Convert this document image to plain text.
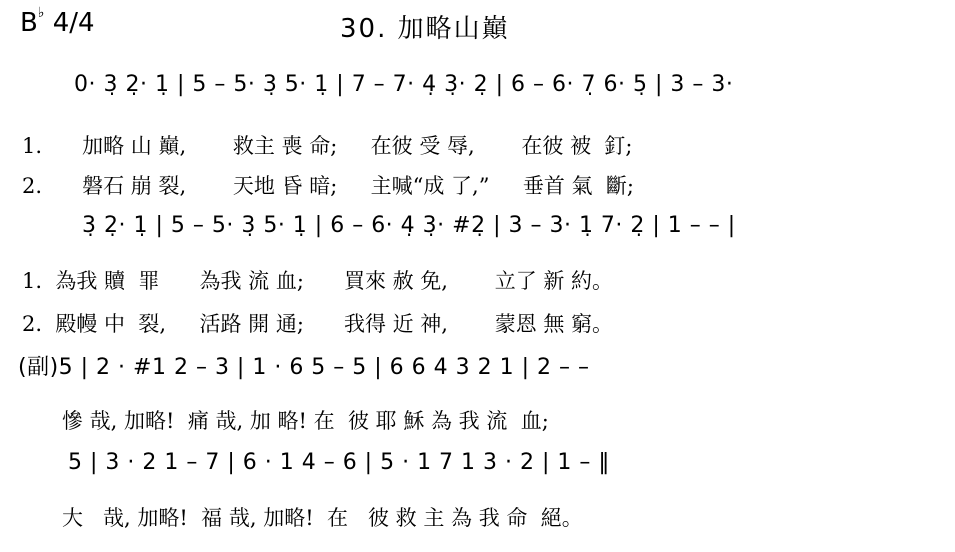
B♭ 4/4	30. 加略山巔
0· 3̣ 2̣· 1̣ | 5 – 5· 3̣ 5· 1̣ | 7 – 7· 4̣ 3̣· 2̣ | 6 – 6· 7̣ 6· 5̣ | 3 – 3·
1.      加略 山 巔,       救主 喪 命;     在彼 受 辱,       在彼 被  釘;
2.      磐石 崩 裂,       天地 昏 暗;     主喊“成 了,”     垂首 氣  斷;
3̣ 2̣· 1̣ | 5 – 5· 3̣ 5· 1̣ | 6 – 6· 4̣ 3̣· #2̣ | 3 – 3· 1̣ 7· 2̣ | 1 – – |
1.  為我 贖  罪      為我 流 血;      買來 赦 免,       立了 新 約。
2.  殿幔 中  裂,     活路 開 通;      我得 近 神,       蒙恩 無 窮。
(副)5 | 2 · #1 2 – 3 | 1 · 6 5 – 5 | 6 6 4 3 2 1 | 2 – –
慘 哉, 加略!  痛 哉, 加 略! 在  彼 耶 穌 為 我 流  血;
5 | 3 · 2 1 – 7 | 6 · 1 4 – 6 | 5 · 1 7 1 3 · 2 | 1 – ‖
大   哉, 加略!  福 哉, 加略!  在   彼 救 主 為 我 命  絕。
